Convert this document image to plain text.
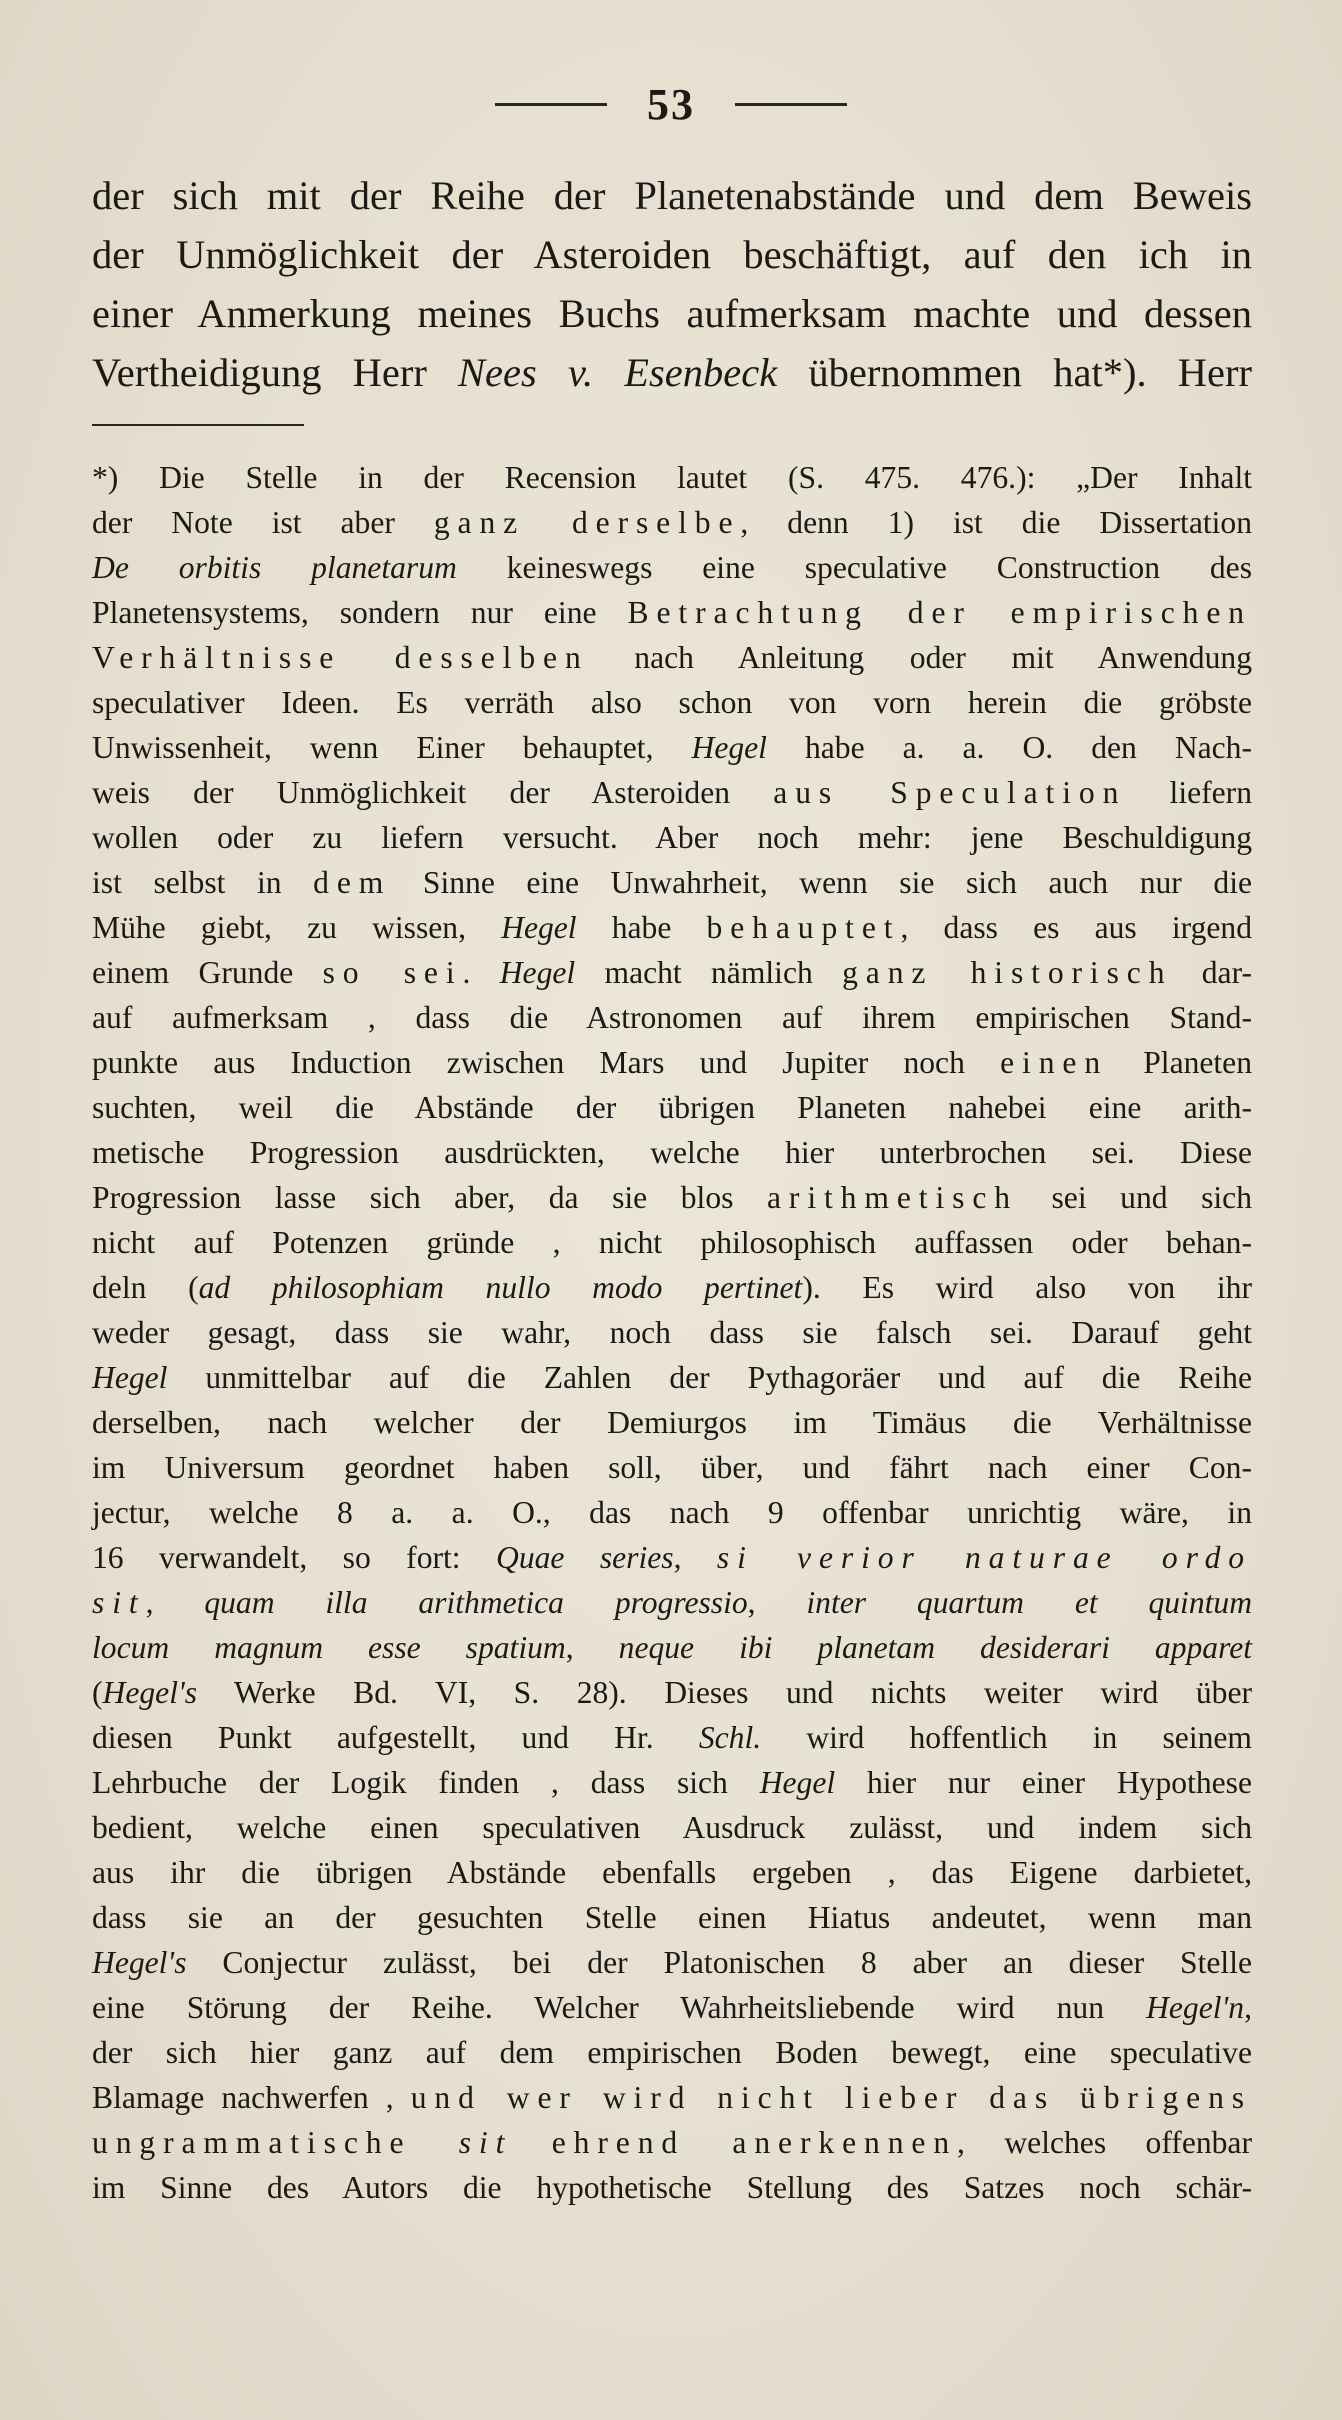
53
der sich mit der Reihe der Planetenabstände und dem Beweis
der Unmöglichkeit der Asteroiden beschäftigt, auf den ich in
einer Anmerkung meines Buchs aufmerksam machte und dessen
Vertheidigung Herr Nees v. Esenbeck übernommen hat*). Herr
*) Die Stelle in der Recension lautet (S. 475. 476.): „Der Inhalt
der Note ist aber ganz derselbe, denn 1) ist die Dissertation
De orbitis planetarum keineswegs eine speculative Construction des
Planetensystems, sondern nur eine Betrachtung der empirischen
Verhältnisse desselben nach Anleitung oder mit Anwendung
speculativer Ideen. Es verräth also schon von vorn herein die gröbste
Unwissenheit, wenn Einer behauptet, Hegel habe a. a. O. den Nach-
weis der Unmöglichkeit der Asteroiden aus Speculation liefern
wollen oder zu liefern versucht. Aber noch mehr: jene Beschuldigung
ist selbst in dem Sinne eine Unwahrheit, wenn sie sich auch nur die
Mühe giebt, zu wissen, Hegel habe behauptet, dass es aus irgend
einem Grunde so sei. Hegel macht nämlich ganz historisch dar-
auf aufmerksam , dass die Astronomen auf ihrem empirischen Stand-
punkte aus Induction zwischen Mars und Jupiter noch einen Planeten
suchten, weil die Abstände der übrigen Planeten nahebei eine arith-
metische Progression ausdrückten, welche hier unterbrochen sei. Diese
Progression lasse sich aber, da sie blos arithmetisch sei und sich
nicht auf Potenzen gründe , nicht philosophisch auffassen oder behan-
deln (ad philosophiam nullo modo pertinet). Es wird also von ihr
weder gesagt, dass sie wahr, noch dass sie falsch sei. Darauf geht
Hegel unmittelbar auf die Zahlen der Pythagoräer und auf die Reihe
derselben, nach welcher der Demiurgos im Timäus die Verhältnisse
im Universum geordnet haben soll, über, und fährt nach einer Con-
jectur, welche 8 a. a. O., das nach 9 offenbar unrichtig wäre, in
16 verwandelt, so fort: Quae series, si verior naturae ordo
sit, quam illa arithmetica progressio, inter quartum et quintum
locum magnum esse spatium, neque ibi planetam desiderari apparet
(Hegel's Werke Bd. VI, S. 28). Dieses und nichts weiter wird über
diesen Punkt aufgestellt, und Hr. Schl. wird hoffentlich in seinem
Lehrbuche der Logik finden , dass sich Hegel hier nur einer Hypothese
bedient, welche einen speculativen Ausdruck zulässt, und indem sich
aus ihr die übrigen Abstände ebenfalls ergeben , das Eigene darbietet,
dass sie an der gesuchten Stelle einen Hiatus andeutet, wenn man
Hegel's Conjectur zulässt, bei der Platonischen 8 aber an dieser Stelle
eine Störung der Reihe. Welcher Wahrheitsliebende wird nun Hegel'n,
der sich hier ganz auf dem empirischen Boden bewegt, eine speculative
Blamage nachwerfen , und wer wird nicht lieber das übrigens
ungrammatische sit ehrend anerkennen, welches offenbar
im Sinne des Autors die hypothetische Stellung des Satzes noch schär-
